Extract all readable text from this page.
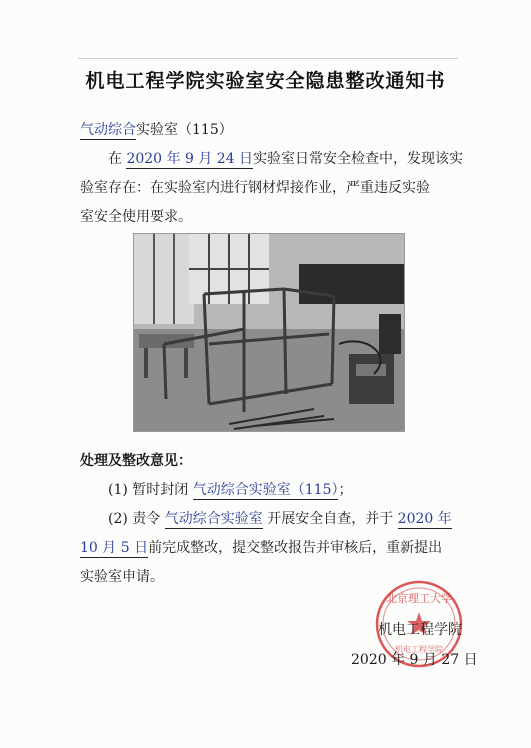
机电工程学院实验室安全隐患整改通知书
气动综合实验室（115）
在 2020 年 9 月 24 日实验室日常安全检查中，发现该实
验室存在：在实验室内进行钢材焊接作业，严重违反实验
室安全使用要求。
处理及整改意见：
(1) 暂时封闭 气动综合实验室（115）；
(2) 责令 气动综合实验室 开展安全自查，并于 2020 年
10 月 5 日前完成整改，提交整改报告并审核后，重新提出
实验室申请。
北京理工大学
机电工程学院
机电工程学院
2020 年 9 月 27 日
